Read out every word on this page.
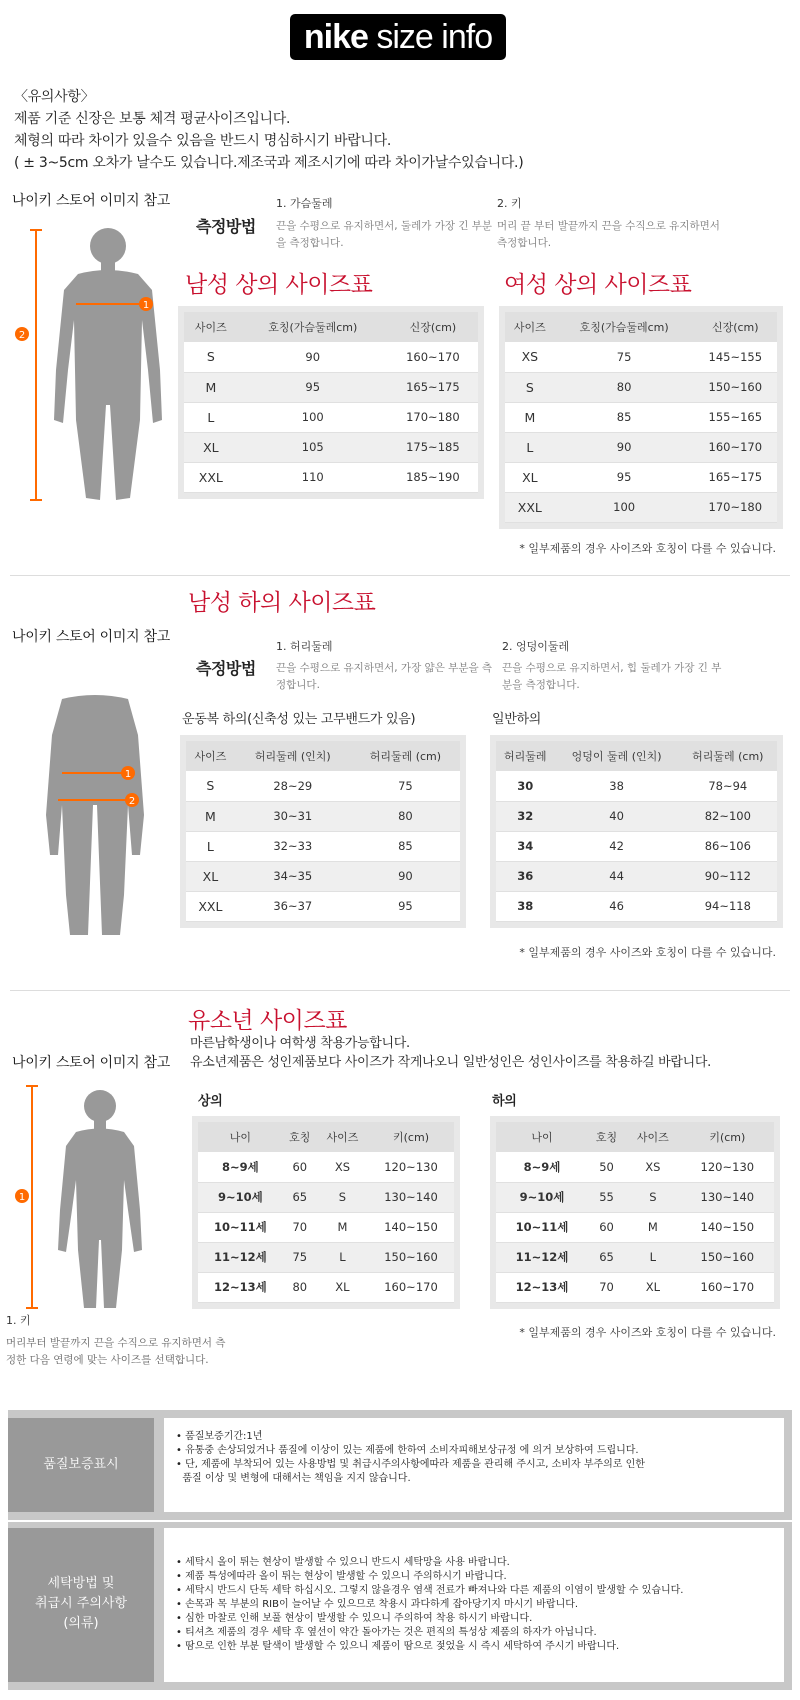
nike size info
〈유의사항〉
제품 기준 신장은 보통 체격 평균사이즈입니다.
체형의 따라 차이가 있을수 있음을 반드시 명심하시기 바랍니다.
( ± 3~5cm 오차가 날수도 있습니다.제조국과 제조시기에 따라 차이가날수있습니다.)
나이키 스토어 이미지 참고
1
2
측정방법
1. 가슴둘레
끈을 수평으로 유지하면서, 둘레가 가장 긴 부분
을 측정합니다.
2. 키
머리 끝 부터 발끝까지 끈을 수직으로 유지하면서
측정합니다.
남성 상의 사이즈표	여성 상의 사이즈표
사이즈	호칭(가슴둘레cm)	신장(cm)
S	90	160~170
M	95	165~175
L	100	170~180
XL	105	175~185
XXL	110	185~190
사이즈	호칭(가슴둘레cm)	신장(cm)
XS	75	145~155
S	80	150~160
M	85	155~165
L	90	160~170
XL	95	165~175
XXL	100	170~180
* 일부제품의 경우 사이즈와 호칭이 다를 수 있습니다.
남성 하의 사이즈표
나이키 스토어 이미지 참고
측정방법
1. 허리둘레
끈을 수평으로 유지하면서, 가장 얇은 부분을 측
정합니다.
2. 엉덩이둘레
끈을 수평으로 유지하면서, 힙 둘레가 가장 긴 부
분을 측정합니다.
1
2
운동복 하의(신축성 있는 고무밴드가 있음)	일반하의
사이즈	허리둘레 (인치)	허리둘레 (cm)
S	28~29	75
M	30~31	80
L	32~33	85
XL	34~35	90
XXL	36~37	95
허리둘레	엉덩이 둘레 (인치)	허리둘레 (cm)
30	38	78~94
32	40	82~100
34	42	86~106
36	44	90~112
38	46	94~118
* 일부제품의 경우 사이즈와 호칭이 다를 수 있습니다.
유소년 사이즈표
마른남학생이나 여학생 착용가능합니다.
유소년제품은 성인제품보다 사이즈가 작게나오니 일반성인은 성인사이즈를 착용하길 바랍니다.
나이키 스토어 이미지 참고
1
1. 키
머리부터 발끝까지 끈을 수직으로 유지하면서 측
정한 다음 연령에 맞는 사이즈를 선택합니다.
상의	하의
나이	호칭	사이즈	키(cm)
8~9세	60	XS	120~130
9~10세	65	S	130~140
10~11세	70	M	140~150
11~12세	75	L	150~160
12~13세	80	XL	160~170
나이	호칭	사이즈	키(cm)
8~9세	50	XS	120~130
9~10세	55	S	130~140
10~11세	60	M	140~150
11~12세	65	L	150~160
12~13세	70	XL	160~170
* 일부제품의 경우 사이즈와 호칭이 다를 수 있습니다.
품질보증표시
• 품질보증기간:1년
• 유통중 손상되었거나 품질에 이상이 있는 제품에 한하여 소비자피해보상규정 에 의거 보상하여 드립니다.
• 단, 제품에 부착되어 있는 사용방법 및 취급시주의사항에따라 제품을 관리해 주시고, 소비자 부주의로 인한
품질 이상 및 변형에 대해서는 책임을 지지 않습니다.
세탁방법 및
취급시 주의사항
(의류)
• 세탁시 올이 튀는 현상이 발생할 수 있으니 반드시 세탁망을 사용 바랍니다.
• 제품 특성에따라 올이 튀는 현상이 발생할 수 있으니 주의하시기 바랍니다.
• 세탁시 반드시 단독 세탁 하십시오. 그렇지 않을경우 염색 전료가 빠져나와 다른 제품의 이염이 발생할 수 있습니다.
• 손목과 목 부분의 RIB이 늘어날 수 있으므로 착용시 과다하게 잡아당기지 마시기 바랍니다.
• 심한 마찰로 인해 보풀 현상이 발생할 수 있으니 주의하여 착용 하시기 바랍니다.
• 티셔츠 제품의 경우 세탁 후 옆선이 약간 돌아가는 것은 편직의 특성상 제품의 하자가 아닙니다.
• 땀으로 인한 부분 탈색이 발생할 수 있으니 제품이 땀으로 젖었을 시 즉시 세탁하여 주시기 바랍니다.
